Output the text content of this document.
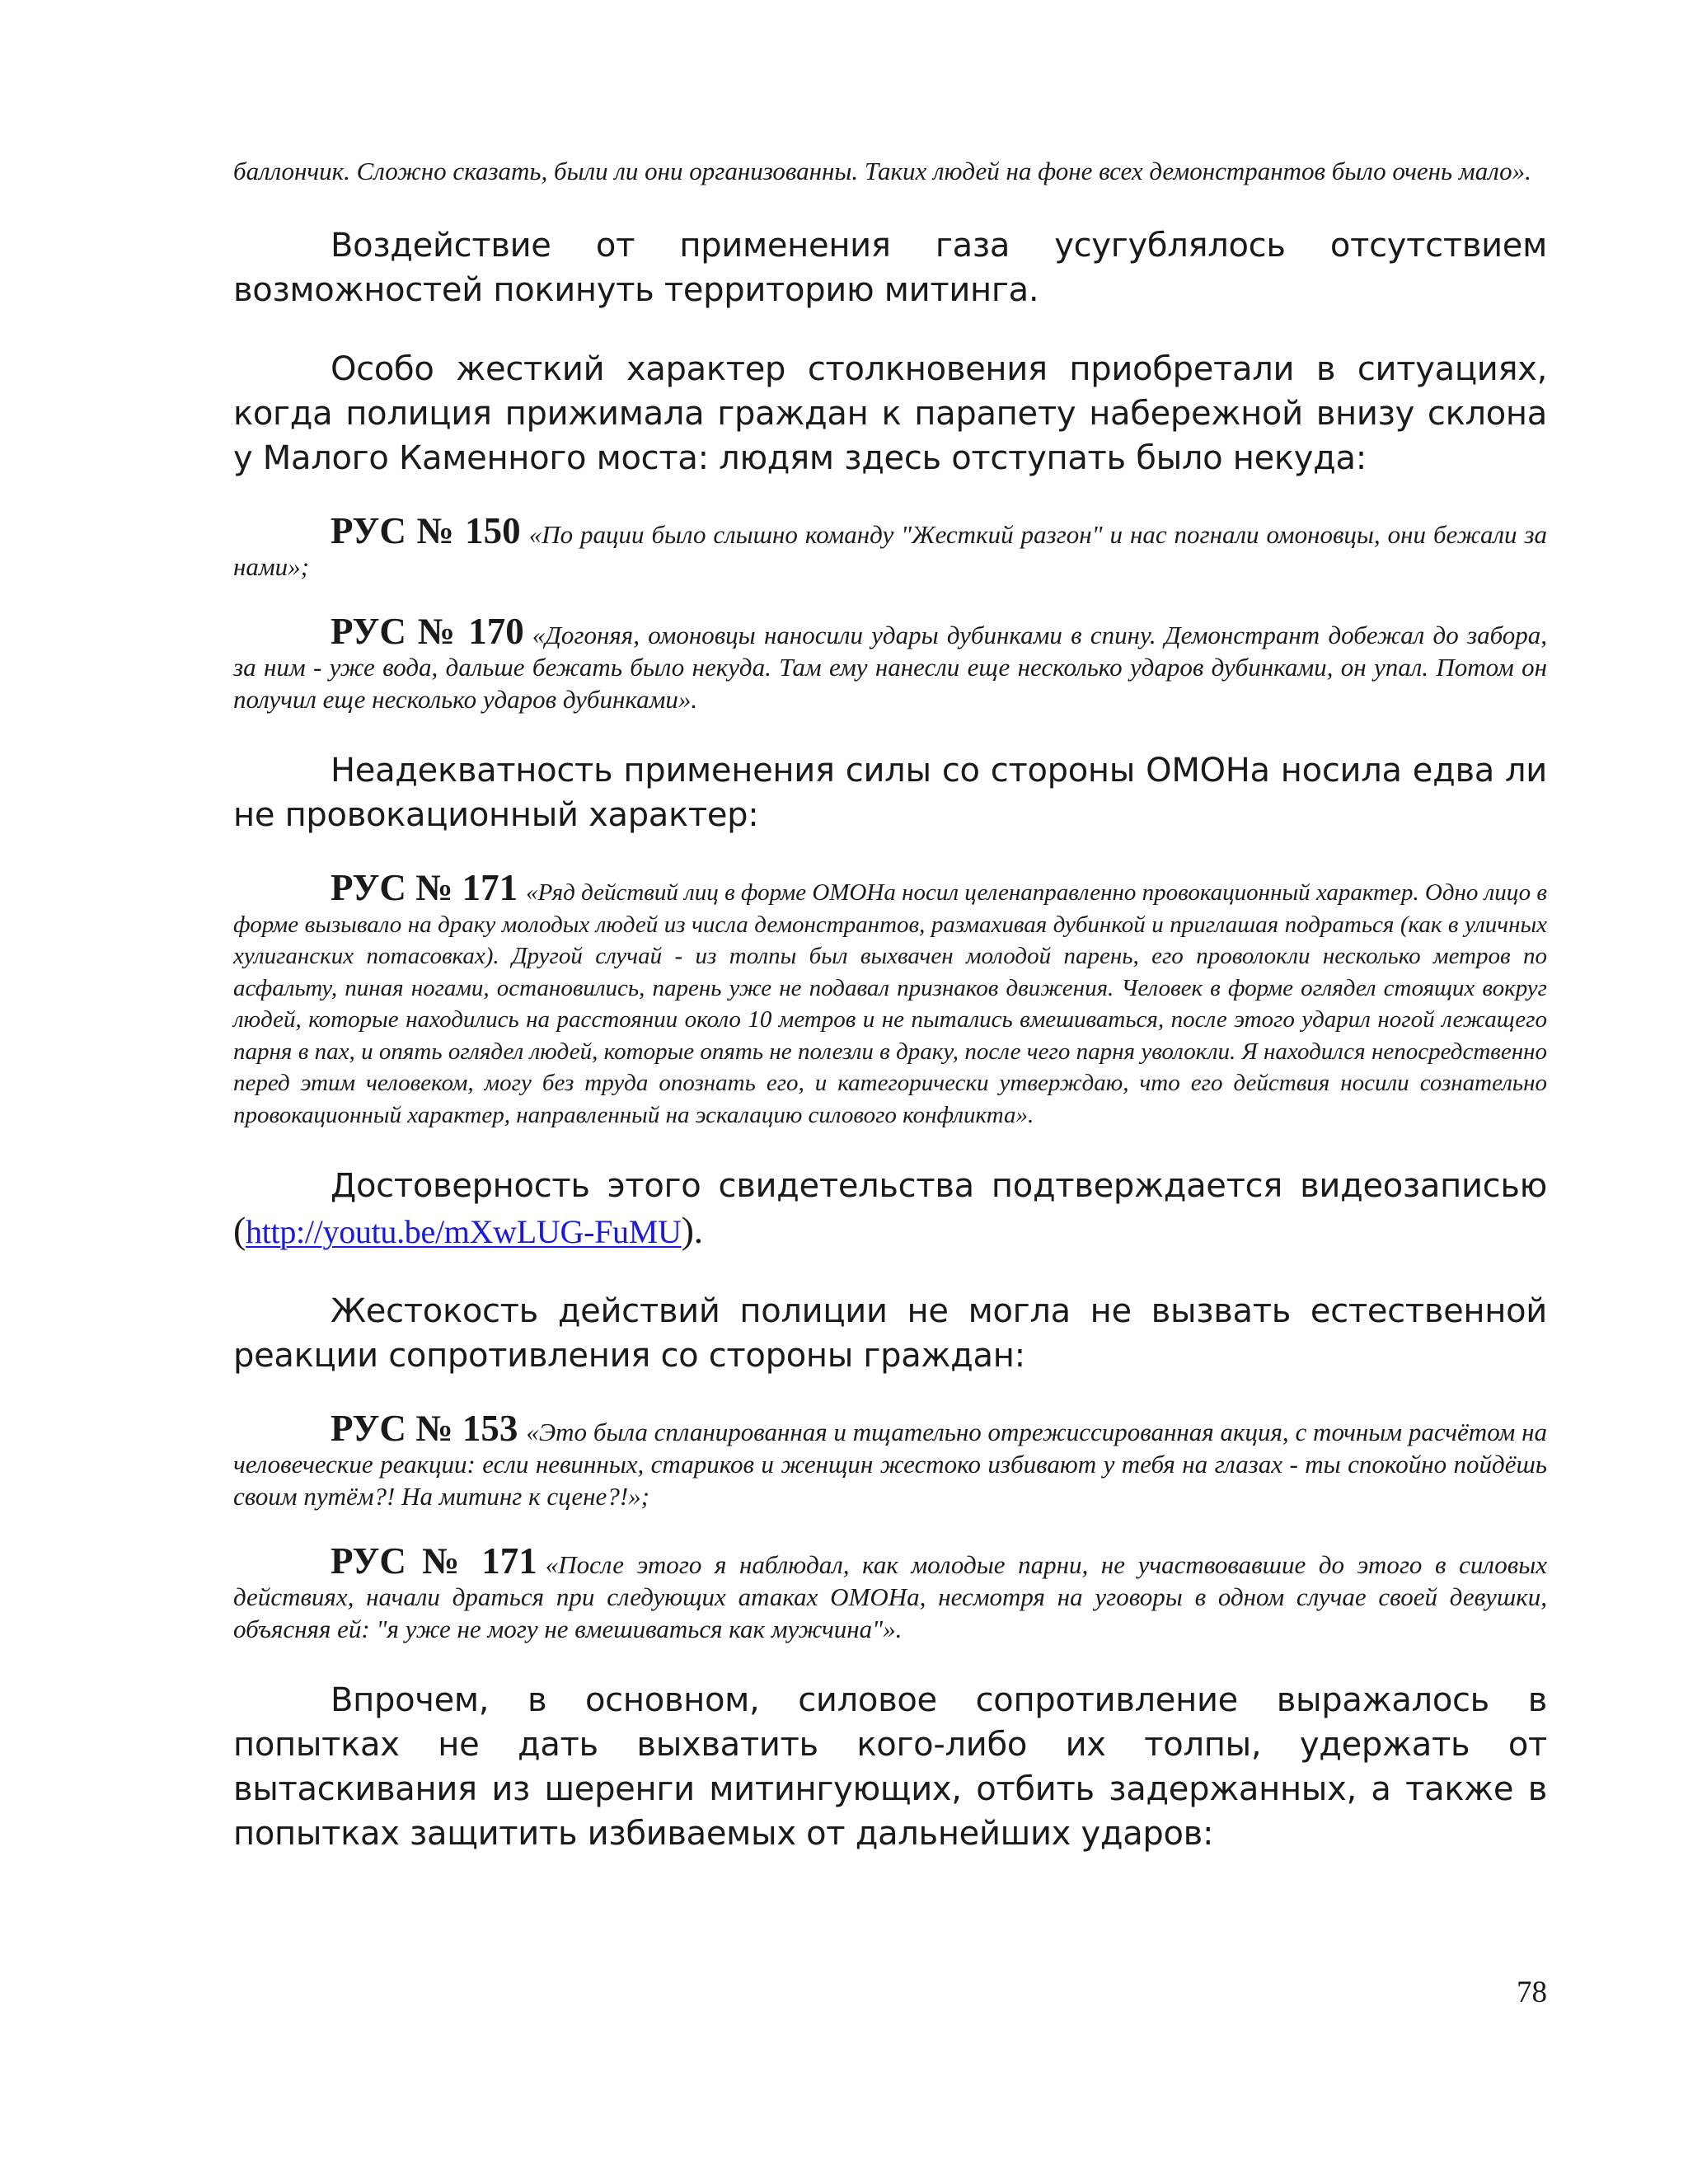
баллончик. Сложно сказать, были ли они организованны. Таких людей на фоне всех демонстрантов было очень мало».

Воздействие от применения газа усугублялось отсутствием возможностей покинуть территорию митинга.

Особо жесткий характер столкновения приобретали в ситуациях, когда полиция прижимала граждан к парапету набережной внизу склона у Малого Каменного моста: людям здесь отступать было некуда:

РУС № 150 «По рации было слышно команду "Жесткий разгон" и нас погнали омоновцы, они бежали за нами»;

РУС № 170 «Догоняя, омоновцы наносили удары дубинками в спину. Демонстрант добежал до забора, за ним - уже вода, дальше бежать было некуда. Там ему нанесли еще несколько ударов дубинками, он упал. Потом он получил еще несколько ударов дубинками».

Неадекватность применения силы со стороны ОМОНа носила едва ли не провокационный характер:

РУС № 171 «Ряд действий лиц в форме ОМОНа носил целенаправленно провокационный характер. Одно лицо в форме вызывало на драку молодых людей из числа демонстрантов, размахивая дубинкой и приглашая подраться (как в уличных хулиганских потасовках). Другой случай - из толпы был выхвачен молодой парень, его проволокли несколько метров по асфальту, пиная ногами, остановились, парень уже не подавал признаков движения. Человек в форме оглядел стоящих вокруг людей, которые находились на расстоянии около 10 метров и не пытались вмешиваться, после этого ударил ногой лежащего парня в пах, и опять оглядел людей, которые опять не полезли в драку, после чего парня уволокли. Я находился непосредственно перед этим человеком, могу без труда опознать его, и категорически утверждаю, что его действия носили сознательно провокационный характер, направленный на эскалацию силового конфликта».

Достоверность этого свидетельства подтверждается видеозаписью (http://youtu.be/mXwLUG-FuMU).

Жестокость действий полиции не могла не вызвать естественной реакции сопротивления со стороны граждан:

РУС № 153 «Это была спланированная и тщательно отрежиссированная акция, с точным расчётом на человеческие реакции: если невинных, стариков и женщин жестоко избивают у тебя на глазах - ты спокойно пойдёшь своим путём?! На митинг к сцене?!»;

РУС № 171 «После этого я наблюдал, как молодые парни, не участвовавшие до этого в силовых действиях, начали драться при следующих атаках ОМОНа, несмотря на уговоры в одном случае своей девушки, объясняя ей: "я уже не могу не вмешиваться как мужчина"».

Впрочем, в основном, силовое сопротивление выражалось в попытках не дать выхватить кого-либо их толпы, удержать от вытаскивания из шеренги митингующих, отбить задержанных, а также в попытках защитить избиваемых от дальнейших ударов:

78
